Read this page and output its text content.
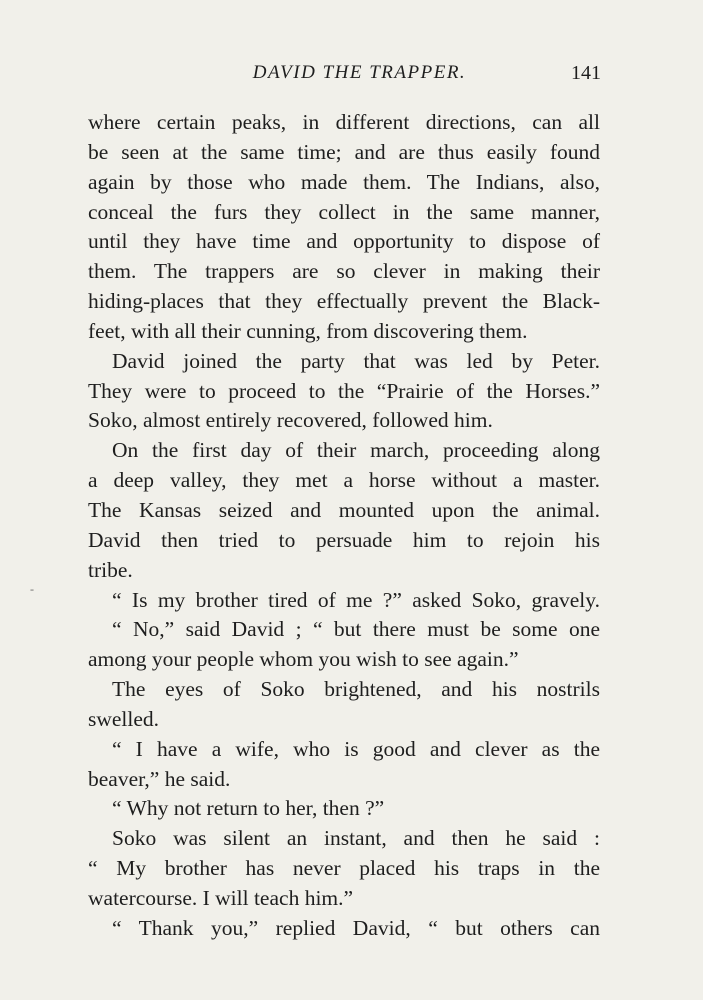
DAVID THE TRAPPER.	141
where certain peaks, in different directions, can all
be seen at the same time; and are thus easily found
again by those who made them. The Indians, also,
conceal the furs they collect in the same manner,
until they have time and opportunity to dispose of
them. The trappers are so clever in making their
hiding-places that they effectually prevent the Black-
feet, with all their cunning, from discovering them.
David joined the party that was led by Peter.
They were to proceed to the “Prairie of the Horses.”
Soko, almost entirely recovered, followed him.
On the first day of their march, proceeding along
a deep valley, they met a horse without a master.
The Kansas seized and mounted upon the animal.
David then tried to persuade him to rejoin his
tribe.
“ Is my brother tired of me ?” asked Soko, gravely.
“ No,” said David ; “ but there must be some one
among your people whom you wish to see again.”
The eyes of Soko brightened, and his nostrils
swelled.
“ I have a wife, who is good and clever as the
beaver,” he said.
“ Why not return to her, then ?”
Soko was silent an instant, and then he said :
“ My brother has never placed his traps in the
watercourse. I will teach him.”
“ Thank you,” replied David, “ but others can
‐
